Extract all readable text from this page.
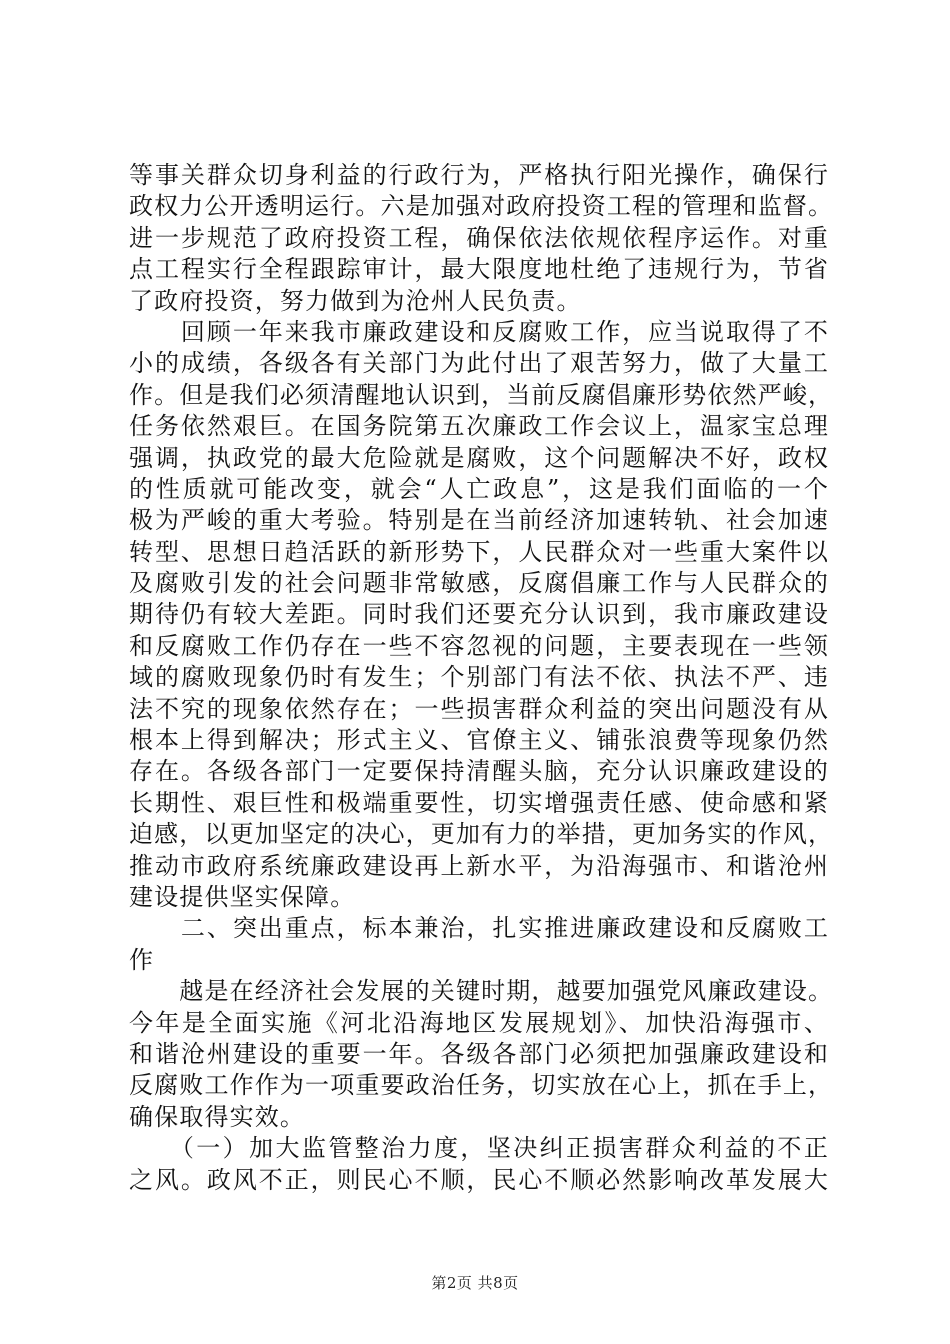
等事关群众切身利益的行政行为，严格执行阳光操作，确保行
政权力公开透明运行。六是加强对政府投资工程的管理和监督。
进一步规范了政府投资工程，确保依法依规依程序运作。对重
点工程实行全程跟踪审计，最大限度地杜绝了违规行为，节省
了政府投资，努力做到为沧州人民负责。
　　回顾一年来我市廉政建设和反腐败工作，应当说取得了不
小的成绩，各级各有关部门为此付出了艰苦努力，做了大量工
作。但是我们必须清醒地认识到，当前反腐倡廉形势依然严峻，
任务依然艰巨。在国务院第五次廉政工作会议上，温家宝总理
强调，执政党的最大危险就是腐败，这个问题解决不好，政权
的性质就可能改变，就会“人亡政息”，这是我们面临的一个
极为严峻的重大考验。特别是在当前经济加速转轨、社会加速
转型、思想日趋活跃的新形势下，人民群众对一些重大案件以
及腐败引发的社会问题非常敏感，反腐倡廉工作与人民群众的
期待仍有较大差距。同时我们还要充分认识到，我市廉政建设
和反腐败工作仍存在一些不容忽视的问题，主要表现在一些领
域的腐败现象仍时有发生；个别部门有法不依、执法不严、违
法不究的现象依然存在；一些损害群众利益的突出问题没有从
根本上得到解决；形式主义、官僚主义、铺张浪费等现象仍然
存在。各级各部门一定要保持清醒头脑，充分认识廉政建设的
长期性、艰巨性和极端重要性，切实增强责任感、使命感和紧
迫感，以更加坚定的决心，更加有力的举措，更加务实的作风，
推动市政府系统廉政建设再上新水平，为沿海强市、和谐沧州
建设提供坚实保障。
　　二、突出重点，标本兼治，扎实推进廉政建设和反腐败工
作
　　越是在经济社会发展的关键时期，越要加强党风廉政建设。
今年是全面实施《河北沿海地区发展规划》、加快沿海强市、
和谐沧州建设的重要一年。各级各部门必须把加强廉政建设和
反腐败工作作为一项重要政治任务，切实放在心上，抓在手上，
确保取得实效。
　　（一）加大监管整治力度，坚决纠正损害群众利益的不正
之风。政风不正，则民心不顺，民心不顺必然影响改革发展大
第2页 共8页
